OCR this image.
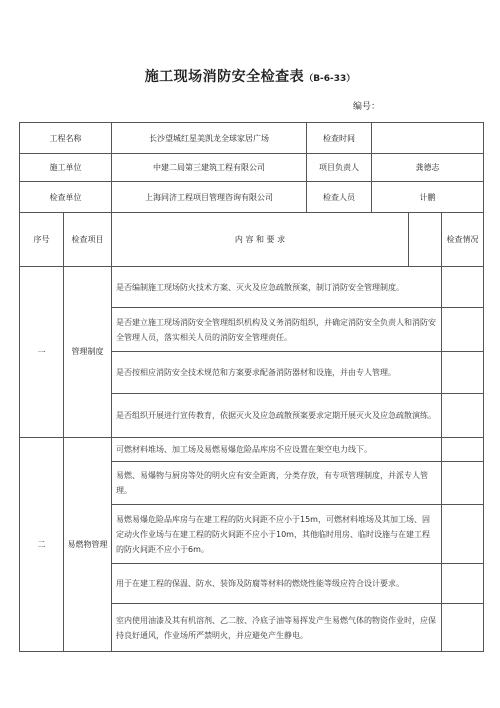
施工现场消防安全检查表（B-6-33）
编号：
工程名称		长沙望城红星美凯龙全球家居广场	检查时间			
施工单位		中建二局第三建筑工程有限公司	项目负责人	龚德志		
检查单位		上海同济工程项目管理咨询有限公司	检查人员	计鹏		
序号	检查项目	内 容 和 要 求				检查情况
一	管理制度	是否编制施工现场防火技术方案、灭火及应急疏散预案，制订消防安全管理制度。				
		是否建立施工现场消防安全管理组织机构及义务消防组织，并确定消防安全负责人和消防安全管理人员，落实相关人员的消防安全管理责任。				
		是否按相应消防安全技术规范和方案要求配备消防器材和设施，并由专人管理。				
		是否组织开展进行宣传教育，依据灭火及应急疏散预案要求定期开展灭火及应急疏散演练。				
二	易燃物管理	可燃材料堆场、加工场及易燃易爆危险品库房不应设置在架空电力线下。				
		易燃、易爆物与厨房等处的明火应有安全距离，分类存放，有专项管理制度，并派专人管理。				
		易燃易爆危险品库房与在建工程的防火间距不应小于15m，可燃材料堆场及其加工场、固定动火作业场与在建工程的防火间距不应小于10m，其他临时用房、临时设施与在建工程的防火间距不应小于6m。				
		用于在建工程的保温、防水、装饰及防腐等材料的燃烧性能等级应符合设计要求。				
		室内使用油漆及其有机溶剂、乙二胺、冷底子油等易挥发产生易燃气体的物资作业时，应保持良好通风，作业场所严禁明火，并应避免产生静电。				
